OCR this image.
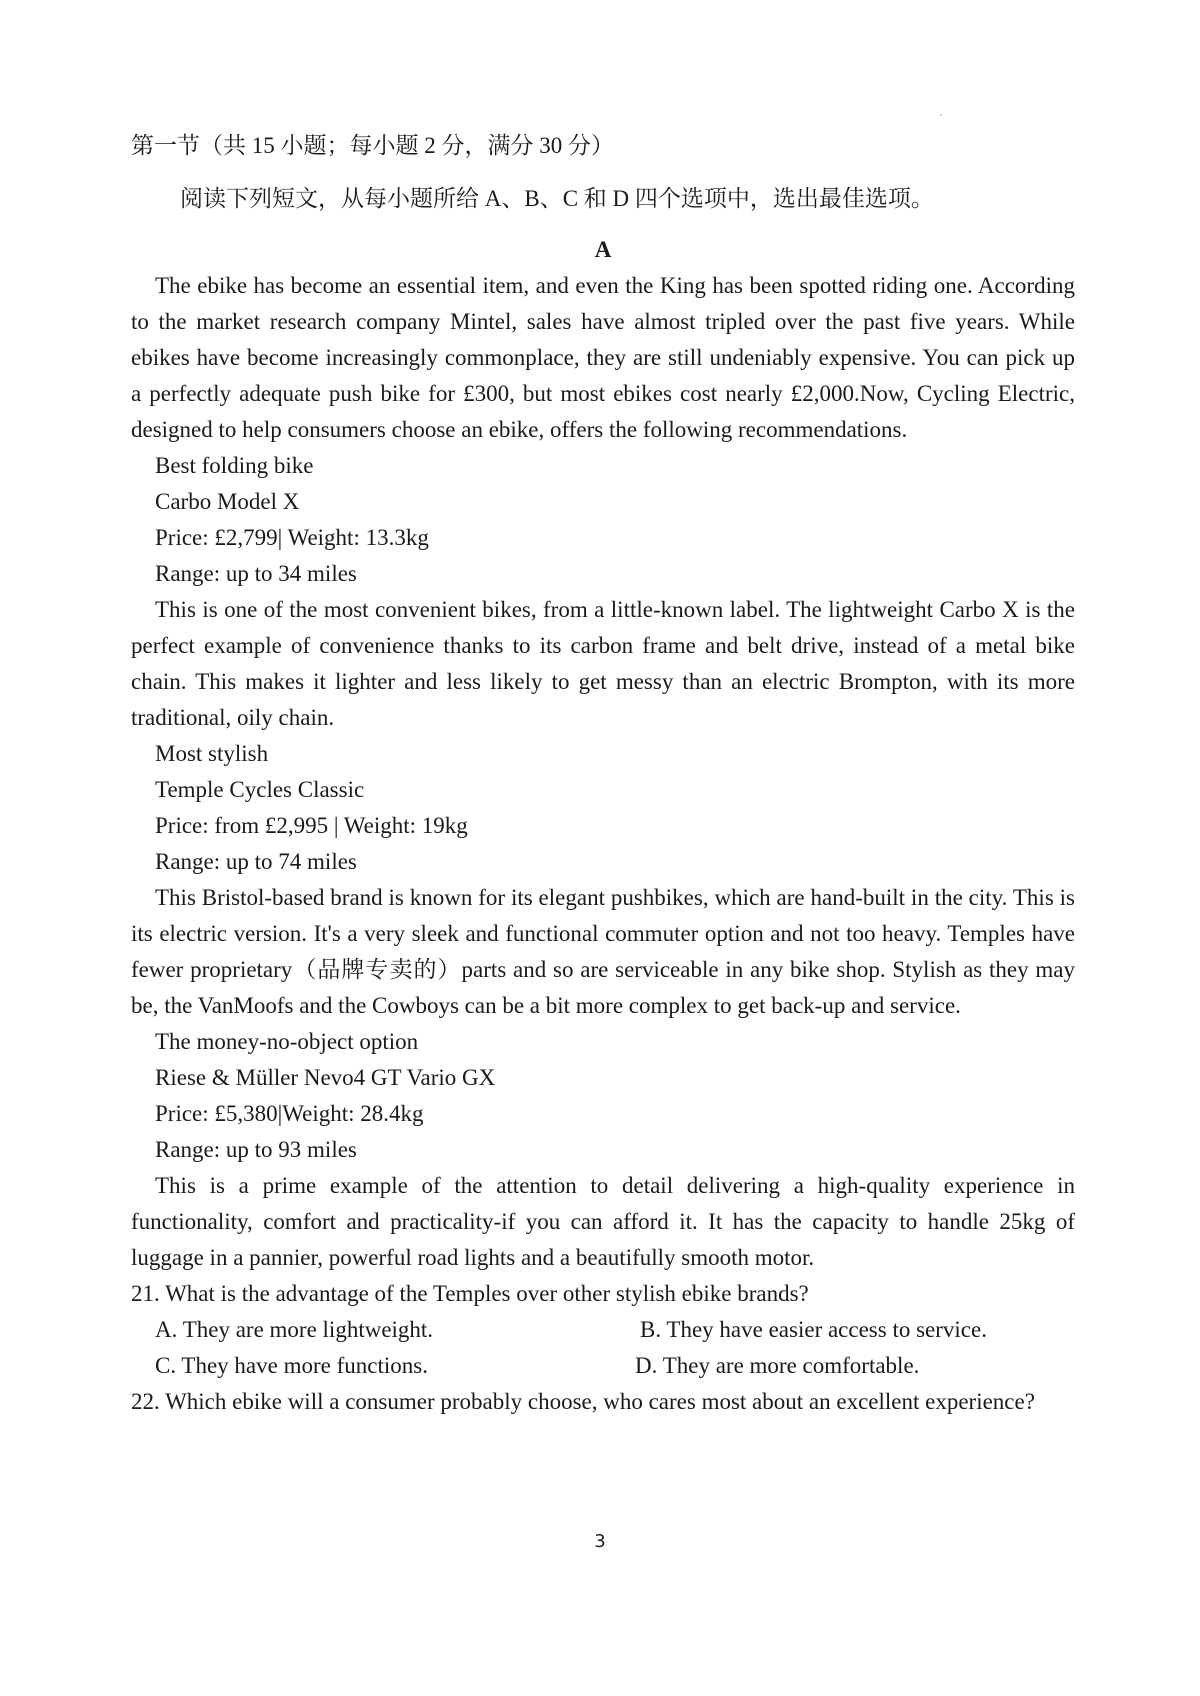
第一节（共 15 小题；每小题 2 分，满分 30 分）

阅读下列短文，从每小题所给 A、B、C 和 D 四个选项中，选出最佳选项。

A

The ebike has become an essential item, and even the King has been spotted riding one. According to the market research company Mintel, sales have almost tripled over the past five years. While ebikes have become increasingly commonplace, they are still undeniably expensive. You can pick up a perfectly adequate push bike for £300, but most ebikes cost nearly £2,000.Now, Cycling Electric, designed to help consumers choose an ebike, offers the following recommendations.

Best folding bike

Carbo Model X

Price: £2,799| Weight: 13.3kg

Range: up to 34 miles

This is one of the most convenient bikes, from a little-known label. The lightweight Carbo X is the perfect example of convenience thanks to its carbon frame and belt drive, instead of a metal bike chain. This makes it lighter and less likely to get messy than an electric Brompton, with its more traditional, oily chain.

Most stylish

Temple Cycles Classic

Price: from £2,995 | Weight: 19kg

Range: up to 74 miles

This Bristol-based brand is known for its elegant pushbikes, which are hand-built in the city. This is its electric version. It's a very sleek and functional commuter option and not too heavy. Temples have fewer proprietary（品牌专卖的）parts and so are serviceable in any bike shop. Stylish as they may be, the VanMoofs and the Cowboys can be a bit more complex to get back-up and service.

The money-no-object option

Riese & Müller Nevo4 GT Vario GX

Price: £5,380|Weight: 28.4kg

Range: up to 93 miles

This is a prime example of the attention to detail delivering a high-quality experience in functionality, comfort and practicality-if you can afford it. It has the capacity to handle 25kg of luggage in a pannier, powerful road lights and a beautifully smooth motor.

21. What is the advantage of the Temples over other stylish ebike brands?

A. They are more lightweight.	B. They have easier access to service.
C. They have more functions.	D. They are more comfortable.

22. Which ebike will a consumer probably choose, who cares most about an excellent experience?

3
